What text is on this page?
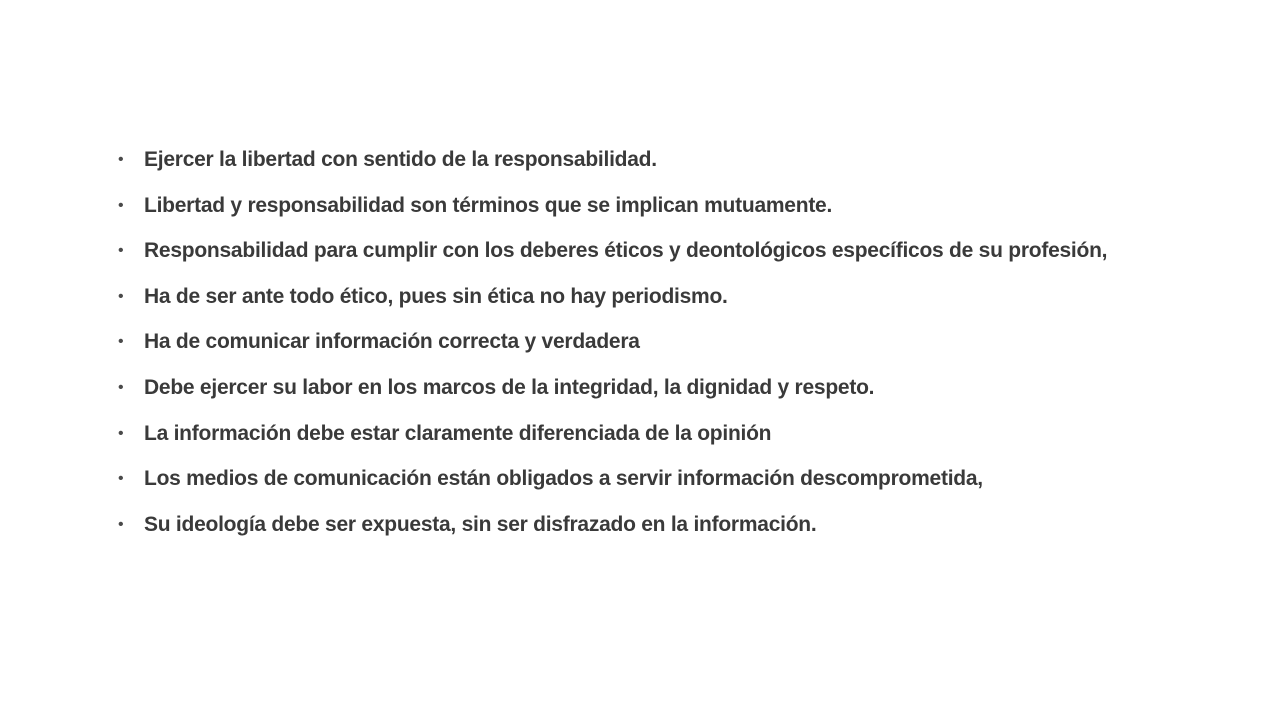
• Ejercer la libertad con sentido de la responsabilidad.
• Libertad y responsabilidad son términos que se implican mutuamente.
• Responsabilidad para cumplir con los deberes éticos y deontológicos específicos de su profesión,
• Ha de ser ante todo ético, pues sin ética no hay periodismo.
• Ha de comunicar información correcta y verdadera
• Debe ejercer su labor en los marcos de la integridad, la dignidad y respeto.
• La información debe estar claramente diferenciada de la opinión
• Los medios de comunicación están obligados a servir información descomprometida,
• Su ideología debe ser expuesta, sin ser disfrazado en la información.
